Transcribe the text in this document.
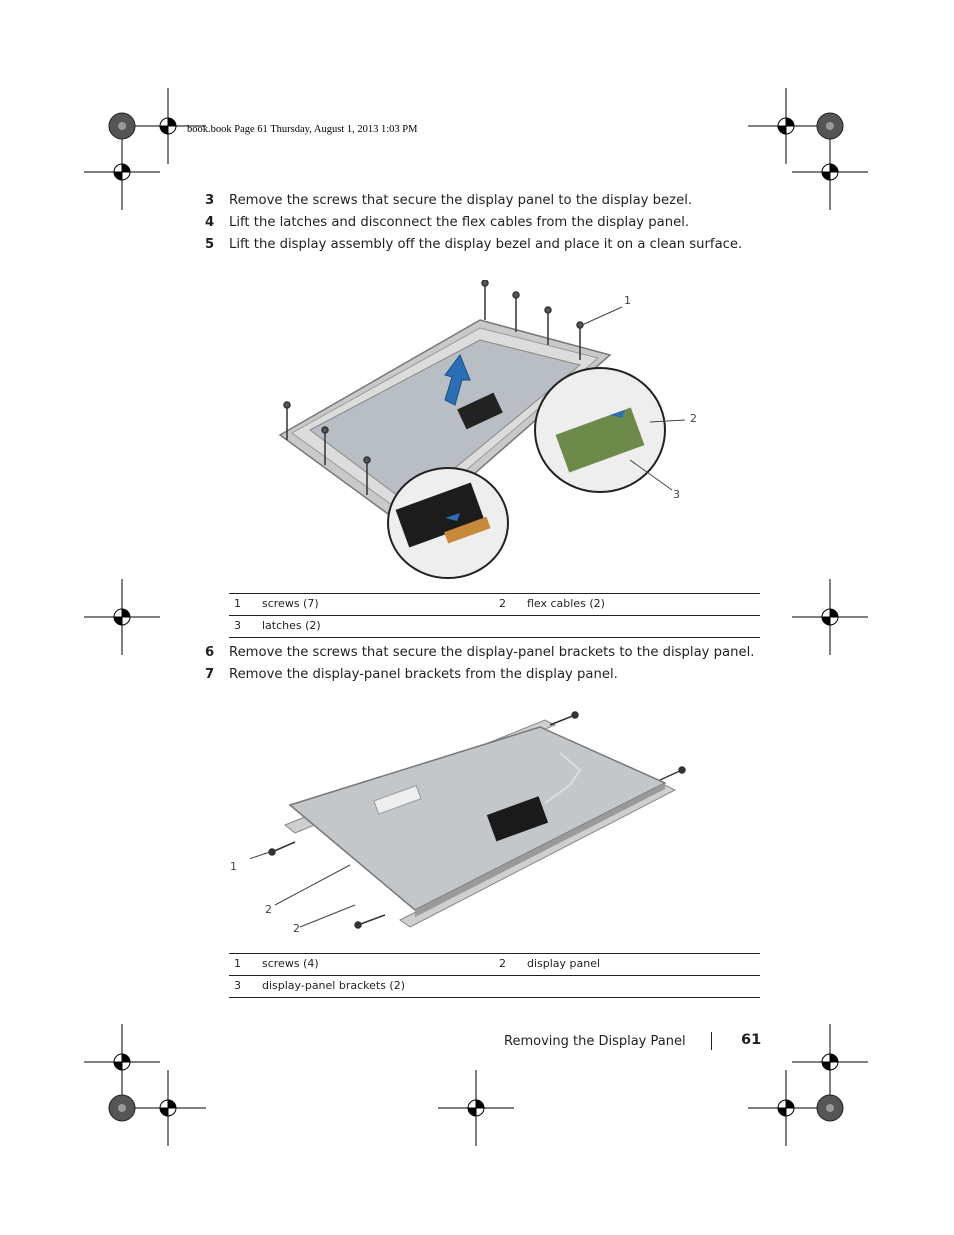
book.book Page 61 Thursday, August 1, 2013 1:03 PM
3 Remove the screws that secure the display panel to the display bezel.
4 Lift the latches and disconnect the flex cables from the display panel.
5 Lift the display assembly off the display bezel and place it on a clean surface.
1
2
3
1 screws (7)	2 flex cables (2)
3 latches (2)
6 Remove the screws that secure the display-panel brackets to the display panel.
7 Remove the display-panel brackets from the display panel.
1
2
2
1 screws (4)	2 display panel
3 display-panel brackets (2)
Removing the Display Panel	61
